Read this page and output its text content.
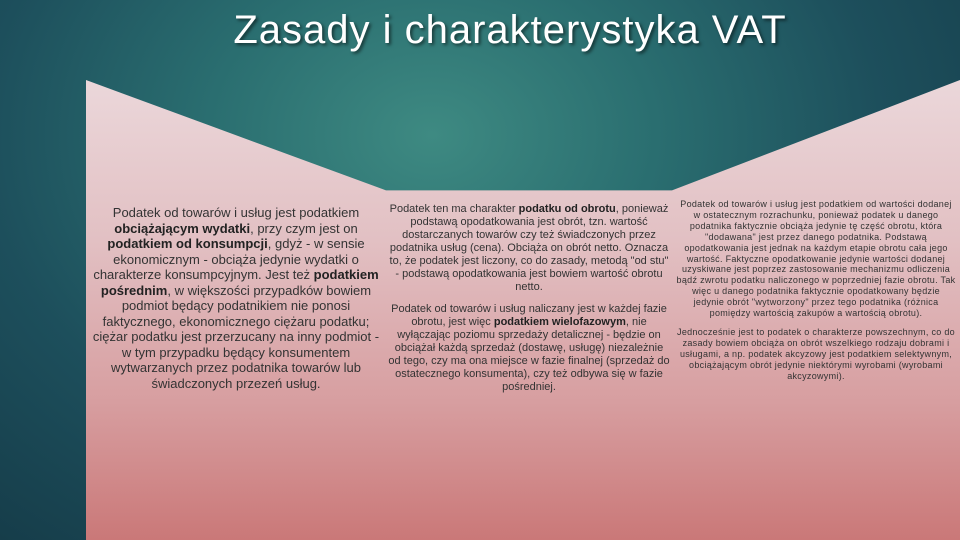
Zasady i charakterystyka VAT

Podatek od towarów i usług jest podatkiem obciążającym wydatki, przy czym jest on podatkiem od konsumpcji, gdyż - w sensie ekonomicznym - obciąża jedynie wydatki o charakterze konsumpcyjnym. Jest też podatkiem pośrednim, w większości przypadków bowiem podmiot będący podatnikiem nie ponosi faktycznego, ekonomicznego ciężaru podatku; ciężar podatku jest przerzucany na inny podmiot - w tym przypadku będący konsumentem wytwarzanych przez podatnika towarów lub świadczonych przezeń usług.

Podatek ten ma charakter podatku od obrotu, ponieważ podstawą opodatkowania jest obrót, tzn. wartość dostarczanych towarów czy też świadczonych przez podatnika usług (cena). Obciąża on obrót netto. Oznacza to, że podatek jest liczony, co do zasady, metodą "od stu" - podstawą opodatkowania jest bowiem wartość obrotu netto.

Podatek od towarów i usług naliczany jest w każdej fazie obrotu, jest więc podatkiem wielofazowym, nie wyłączając poziomu sprzedaży detalicznej - będzie on obciążał każdą sprzedaż (dostawę, usługę) niezależnie od tego, czy ma ona miejsce w fazie finalnej (sprzedaż do ostatecznego konsumenta), czy też odbywa się w fazie pośredniej.

Podatek od towarów i usług jest podatkiem od wartości dodanej w ostatecznym rozrachunku, ponieważ podatek u danego podatnika faktycznie obciąża jedynie tę część obrotu, która "dodawana" jest przez danego podatnika. Podstawą opodatkowania jest jednak na każdym etapie obrotu cała jego wartość. Faktyczne opodatkowanie jedynie wartości dodanej uzyskiwane jest poprzez zastosowanie mechanizmu odliczenia bądź zwrotu podatku naliczonego w poprzedniej fazie obrotu. Tak więc u danego podatnika faktycznie opodatkowany będzie jedynie obrót "wytworzony" przez tego podatnika (różnica pomiędzy wartością zakupów a wartością obrotu).

Jednocześnie jest to podatek o charakterze powszechnym, co do zasady bowiem obciąża on obrót wszelkiego rodzaju dobrami i usługami, a np. podatek akcyzowy jest podatkiem selektywnym, obciążającym obrót jedynie niektórymi wyrobami (wyrobami akcyzowymi).
